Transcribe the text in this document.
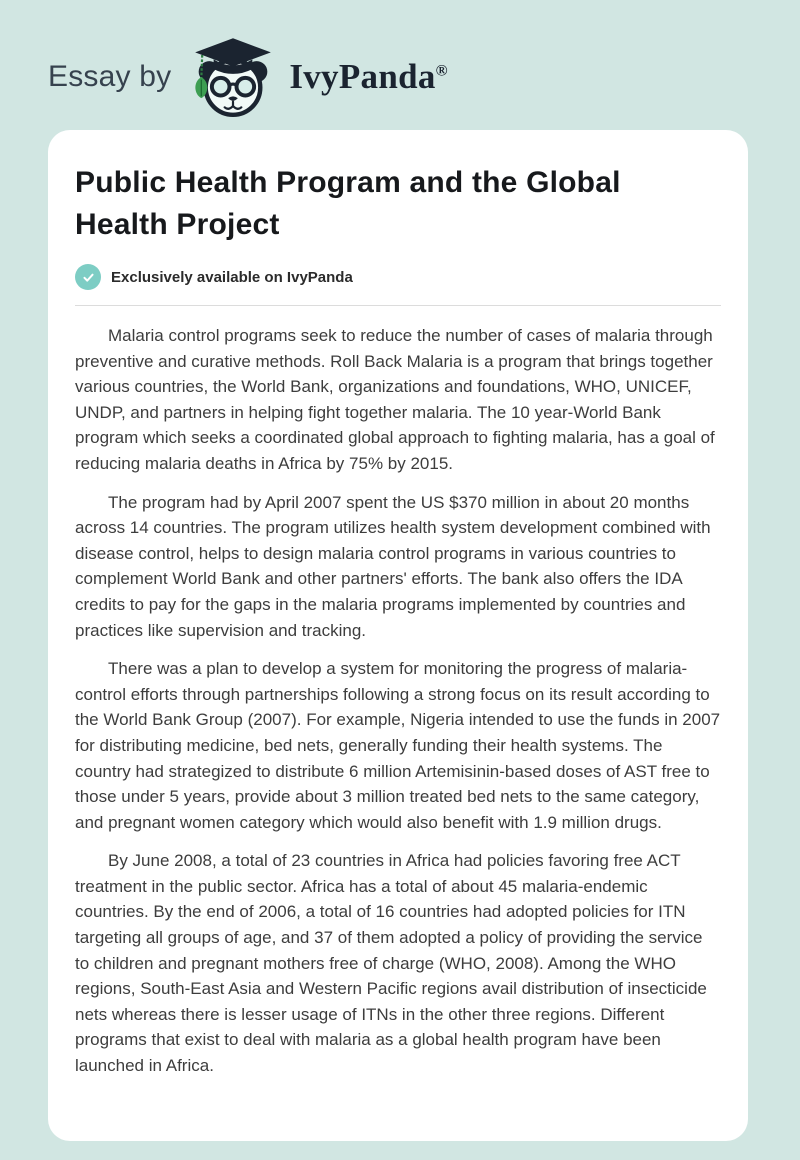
Essay by	IvyPanda®
Public Health Program and the Global Health Project
Exclusively available on IvyPanda

Malaria control programs seek to reduce the number of cases of malaria through preventive and curative methods. Roll Back Malaria is a program that brings together various countries, the World Bank, organizations and foundations, WHO, UNICEF, UNDP, and partners in helping fight together malaria. The 10 year-World Bank program which seeks a coordinated global approach to fighting malaria, has a goal of reducing malaria deaths in Africa by 75% by 2015.

The program had by April 2007 spent the US $370 million in about 20 months across 14 countries. The program utilizes health system development combined with disease control, helps to design malaria control programs in various countries to complement World Bank and other partners' efforts. The bank also offers the IDA credits to pay for the gaps in the malaria programs implemented by countries and practices like supervision and tracking.

There was a plan to develop a system for monitoring the progress of malaria-control efforts through partnerships following a strong focus on its result according to the World Bank Group (2007). For example, Nigeria intended to use the funds in 2007 for distributing medicine, bed nets, generally funding their health systems. The country had strategized to distribute 6 million Artemisinin-based doses of AST free to those under 5 years, provide about 3 million treated bed nets to the same category, and pregnant women category which would also benefit with 1.9 million drugs.

By June 2008, a total of 23 countries in Africa had policies favoring free ACT treatment in the public sector. Africa has a total of about 45 malaria-endemic countries. By the end of 2006, a total of 16 countries had adopted policies for ITN targeting all groups of age, and 37 of them adopted a policy of providing the service to children and pregnant mothers free of charge (WHO, 2008). Among the WHO regions, South-East Asia and Western Pacific regions avail distribution of insecticide nets whereas there is lesser usage of ITNs in the other three regions. Different programs that exist to deal with malaria as a global health program have been launched in Africa.
